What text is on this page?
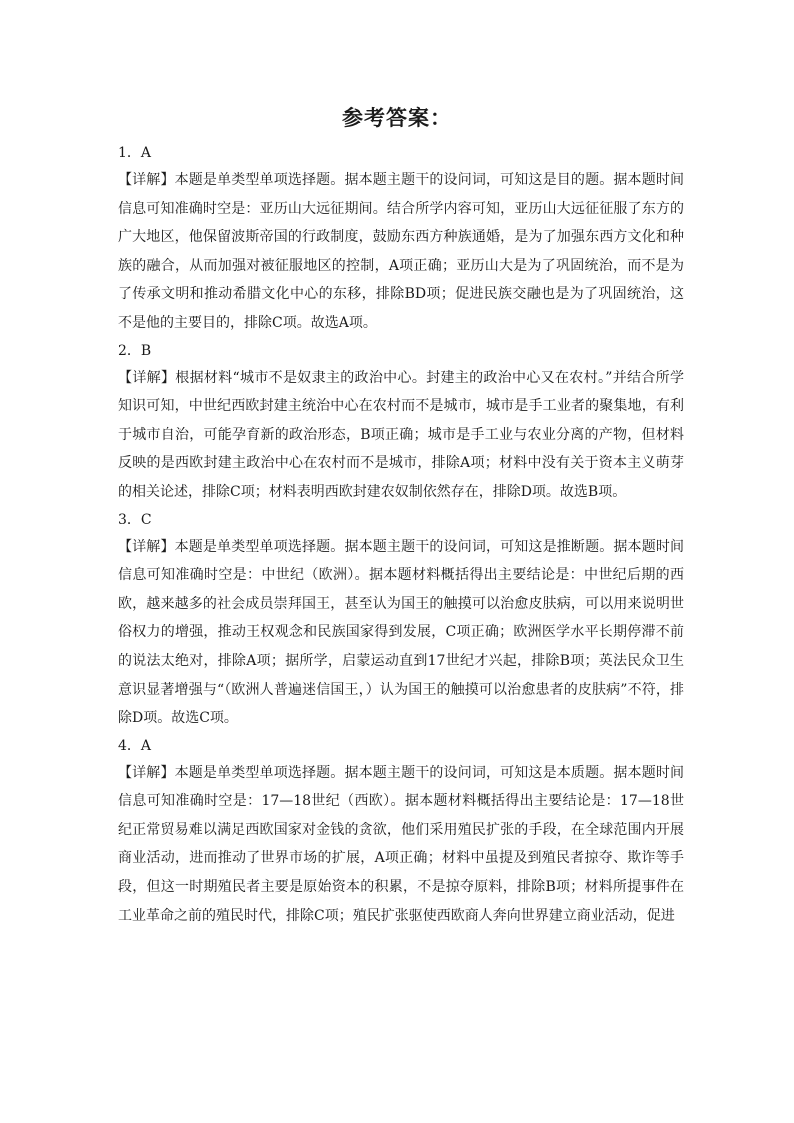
参考答案：
1．A
【详解】本题是单类型单项选择题。据本题主题干的设问词，可知这是目的题。据本题时间信息可知准确时空是：亚历山大远征期间。结合所学内容可知，亚历山大远征征服了东方的广大地区，他保留波斯帝国的行政制度，鼓励东西方种族通婚，是为了加强东西方文化和种族的融合，从而加强对被征服地区的控制，A项正确；亚历山大是为了巩固统治，而不是为了传承文明和推动希腊文化中心的东移，排除BD项；促进民族交融也是为了巩固统治，这不是他的主要目的，排除C项。故选A项。
2．B
【详解】根据材料“城市不是奴隶主的政治中心。封建主的政治中心又在农村。”并结合所学知识可知，中世纪西欧封建主统治中心在农村而不是城市，城市是手工业者的聚集地，有利于城市自治，可能孕育新的政治形态，B项正确；城市是手工业与农业分离的产物，但材料反映的是西欧封建主政治中心在农村而不是城市，排除A项；材料中没有关于资本主义萌芽的相关论述，排除C项；材料表明西欧封建农奴制依然存在，排除D项。故选B项。
3．C
【详解】本题是单类型单项选择题。据本题主题干的设问词，可知这是推断题。据本题时间信息可知准确时空是：中世纪（欧洲）。据本题材料概括得出主要结论是：中世纪后期的西欧，越来越多的社会成员崇拜国王，甚至认为国王的触摸可以治愈皮肤病，可以用来说明世俗权力的增强，推动王权观念和民族国家得到发展，C项正确；欧洲医学水平长期停滞不前的说法太绝对，排除A项；据所学，启蒙运动直到17世纪才兴起，排除B项；英法民众卫生意识显著增强与“（欧洲人普遍迷信国王，）认为国王的触摸可以治愈患者的皮肤病”不符，排除D项。故选C项。
4．A
【详解】本题是单类型单项选择题。据本题主题干的设问词，可知这是本质题。据本题时间信息可知准确时空是：17—18世纪（西欧）。据本题材料概括得出主要结论是：17—18世纪正常贸易难以满足西欧国家对金钱的贪欲，他们采用殖民扩张的手段，在全球范围内开展商业活动，进而推动了世界市场的扩展，A项正确；材料中虽提及到殖民者掠夺、欺诈等手段，但这一时期殖民者主要是原始资本的积累，不是掠夺原料，排除B项；材料所提事件在工业革命之前的殖民时代，排除C项；殖民扩张驱使西欧商人奔向世界建立商业活动，促进
